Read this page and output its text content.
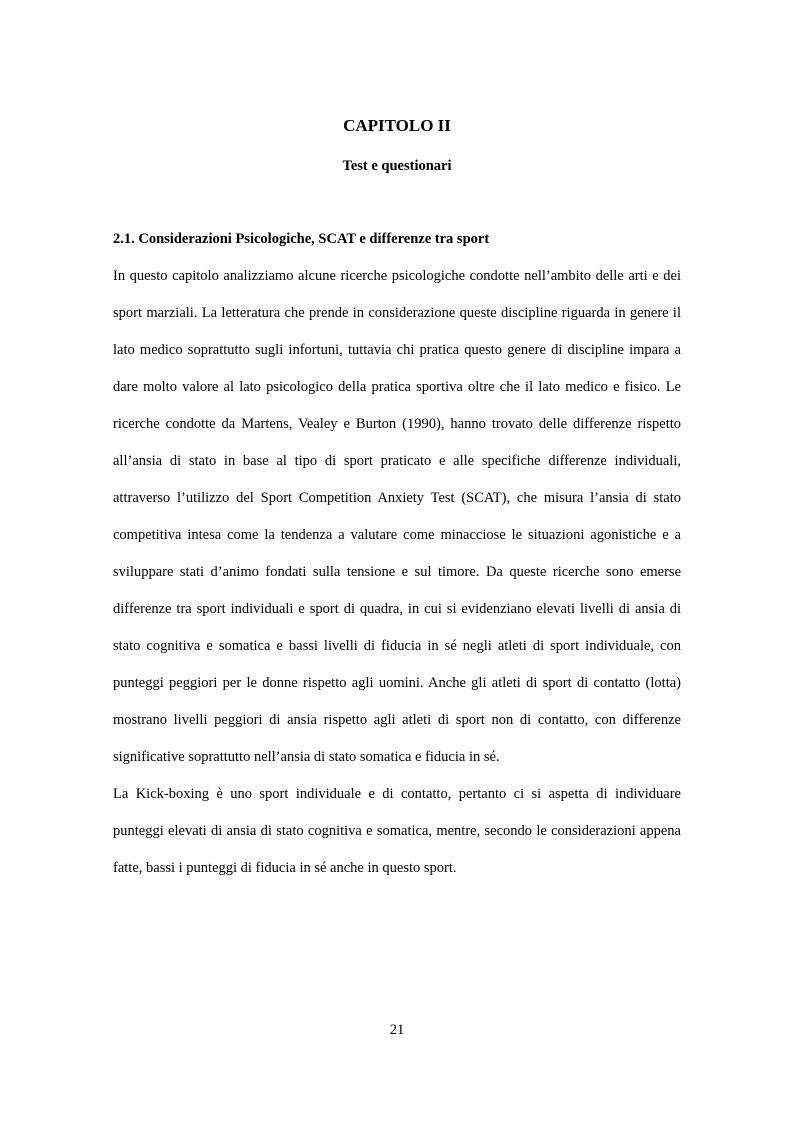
CAPITOLO II
Test e questionari
2.1. Considerazioni Psicologiche, SCAT e differenze tra sport

In questo capitolo analizziamo alcune ricerche psicologiche condotte nell’ambito delle arti e dei sport marziali. La letteratura che prende in considerazione queste discipline riguarda in genere il lato medico soprattutto sugli infortuni, tuttavia chi pratica questo genere di discipline impara a dare molto valore al lato psicologico della pratica sportiva oltre che il lato medico e fisico. Le ricerche condotte da Martens, Vealey e Burton (1990), hanno trovato delle differenze rispetto all’ansia di stato in base al tipo di sport praticato e alle specifiche differenze individuali, attraverso l’utilizzo del Sport Competition Anxiety Test (SCAT), che misura l’ansia di stato competitiva intesa come la tendenza a valutare come minacciose le situazioni agonistiche e a sviluppare stati d’animo fondati sulla tensione e sul timore. Da queste ricerche sono emerse differenze tra sport individuali e sport di quadra, in cui si evidenziano elevati livelli di ansia di stato cognitiva e somatica e bassi livelli di fiducia in sé negli atleti di sport individuale, con punteggi peggiori per le donne rispetto agli uomini. Anche gli atleti di sport di contatto (lotta) mostrano livelli peggiori di ansia rispetto agli atleti di sport non di contatto, con differenze significative soprattutto nell’ansia di stato somatica e fiducia in sé.

La Kick-boxing è uno sport individuale e di contatto, pertanto ci si aspetta di individuare punteggi elevati di ansia di stato cognitiva e somatica, mentre, secondo le considerazioni appena fatte, bassi i punteggi di fiducia in sé anche in questo sport.

21
